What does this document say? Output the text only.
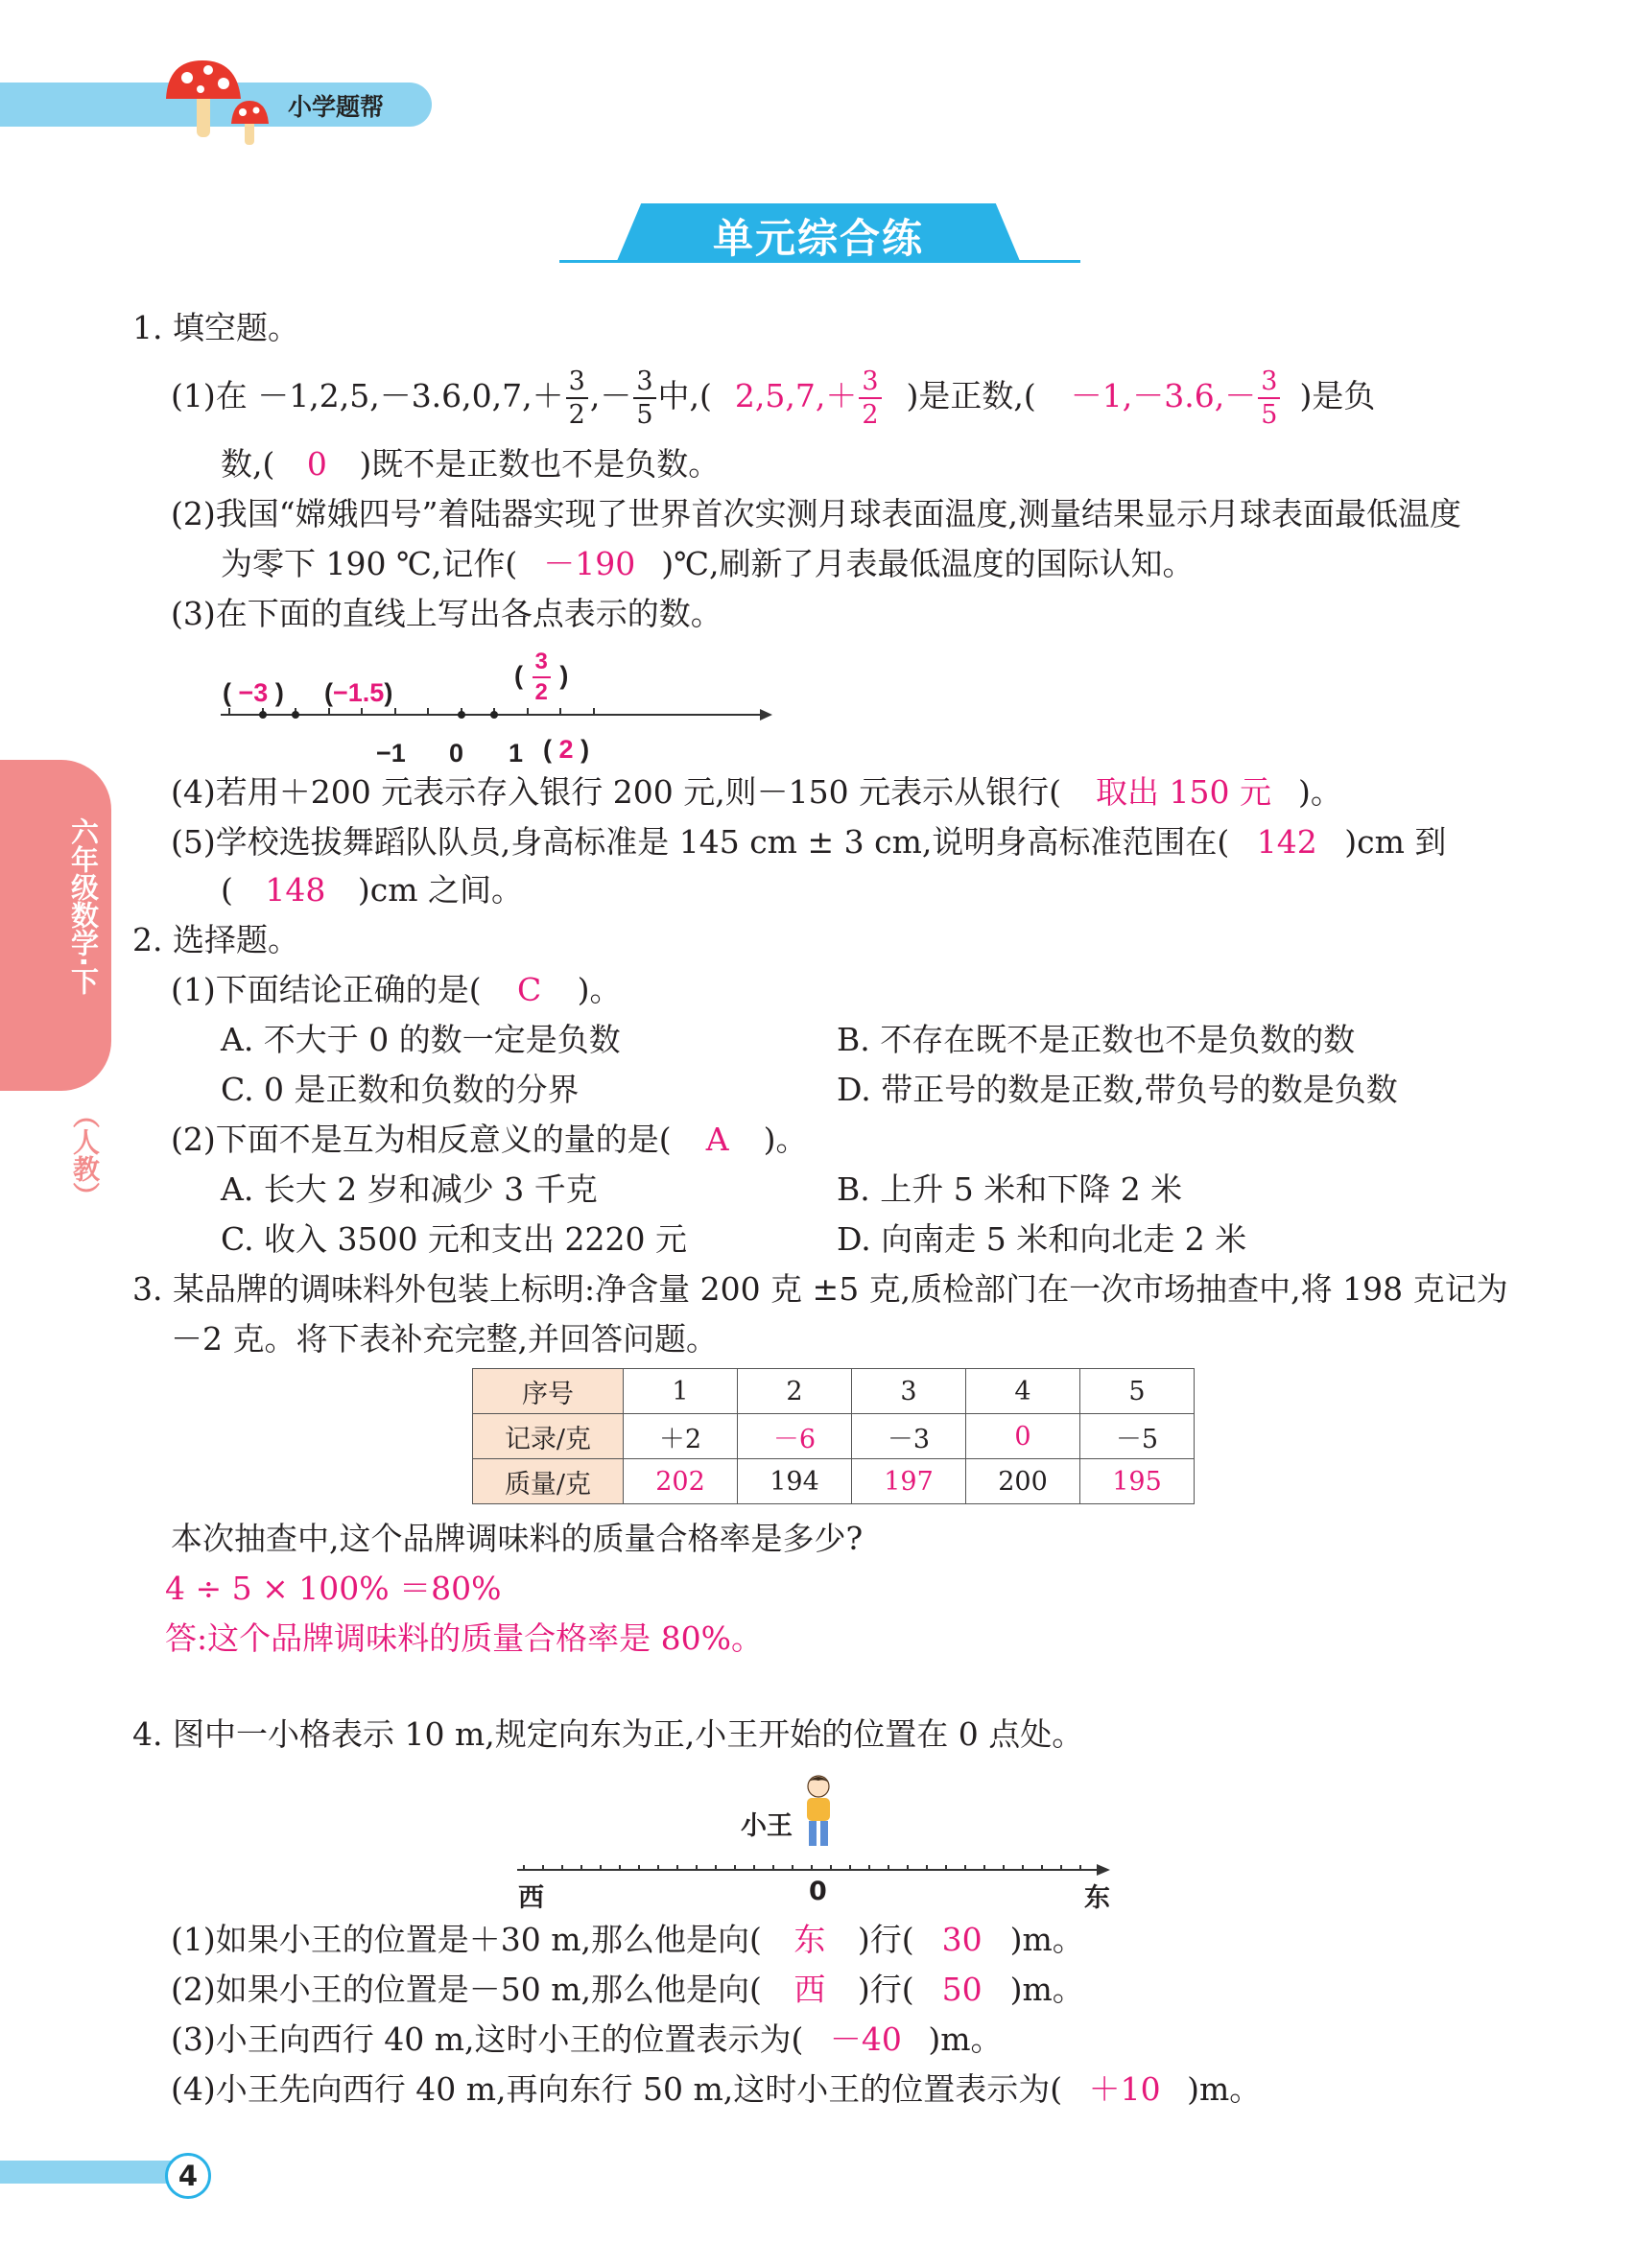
小学题帮
单元综合练
六年级数学·下
（人教）
1. 填空题。
(1)在 $-1,2,5,-3.6,0,7,+ \frac{3}{2}$ ,－ $\frac{3}{5}$ 中,( $2,5,7,+ \frac{3}{2}$ )是正数,( $-1,-3.6,- \frac{3}{5}$ )是负
数,( 0 )既不是正数也不是负数。
(2)我国“嫦娥四号”着陆器实现了世界首次实测月球表面温度,测量结果显示月球表面最低温度
为零下 190 ℃,记作( －190 )℃,刷新了月表最低温度的国际认知。
(3)在下面的直线上写出各点表示的数。
( −3 ) (−1.5)
( $\frac{3}{2}$ )
−1 0 1 ( 2 )
(4)若用＋200 元表示存入银行 200 元,则－150 元表示从银行( 取出 150 元 )。
(5)学校选拔舞蹈队队员,身高标准是 145 cm ± 3 cm,说明身高标准范围在( 142 )cm 到
( 148 )cm 之间。
2. 选择题。
(1)下面结论正确的是( C )。
A. 不大于 0 的数一定是负数	B. 不存在既不是正数也不是负数的数
C. 0 是正数和负数的分界	D. 带正号的数是正数,带负号的数是负数
(2)下面不是互为相反意义的量的是( A )。
A. 长大 2 岁和减少 3 千克	B. 上升 5 米和下降 2 米
C. 收入 3500 元和支出 2220 元	D. 向南走 5 米和向北走 2 米
3. 某品牌的调味料外包装上标明:净含量 200 克 ±5 克,质检部门在一次市场抽查中,将 198 克记为
－2 克。将下表补充完整,并回答问题。
序号	1	2	3	4	5
记录/克	＋2	－6	－3	0	－5
质量/克	202	194	197	200	195
本次抽查中,这个品牌调味料的质量合格率是多少?
4 ÷ 5 × 100% ＝80%
答:这个品牌调味料的质量合格率是 80%。
4. 图中一小格表示 10 m,规定向东为正,小王开始的位置在 0 点处。
小王
西	0	东
(1)如果小王的位置是＋30 m,那么他是向( 东 )行( 30 )m。
(2)如果小王的位置是－50 m,那么他是向( 西 )行( 50 )m。
(3)小王向西行 40 m,这时小王的位置表示为( －40 )m。
(4)小王先向西行 40 m,再向东行 50 m,这时小王的位置表示为( ＋10 )m。
4
